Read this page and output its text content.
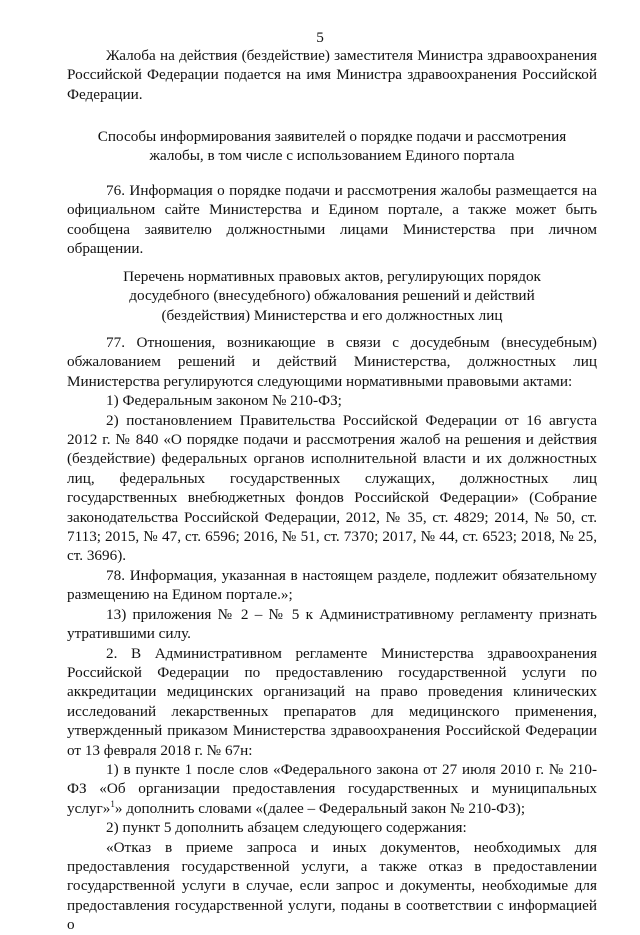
5

Жалоба на действия (бездействие) заместителя Министра здравоохранения Российской Федерации подается на имя Министра здравоохранения Российской Федерации.

Способы информирования заявителей о порядке подачи и рассмотрения жалобы, в том числе с использованием Единого портала

76. Информация о порядке подачи и рассмотрения жалобы размещается на официальном сайте Министерства и Едином портале, а также может быть сообщена заявителю должностными лицами Министерства при личном обращении.

Перечень нормативных правовых актов, регулирующих порядок досудебного (внесудебного) обжалования решений и действий (бездействия) Министерства и его должностных лиц

77. Отношения, возникающие в связи с досудебным (внесудебным) обжалованием решений и действий Министерства, должностных лиц Министерства регулируются следующими нормативными правовыми актами:

1) Федеральным законом № 210-ФЗ;

2) постановлением Правительства Российской Федерации от 16 августа 2012 г. № 840 «О порядке подачи и рассмотрения жалоб на решения и действия (бездействие) федеральных органов исполнительной власти и их должностных лиц, федеральных государственных служащих, должностных лиц государственных внебюджетных фондов Российской Федерации» (Собрание законодательства Российской Федерации, 2012, № 35, ст. 4829; 2014, № 50, ст. 7113; 2015, № 47, ст. 6596; 2016, № 51, ст. 7370; 2017, № 44, ст. 6523; 2018, № 25, ст. 3696).

78. Информация, указанная в настоящем разделе, подлежит обязательному размещению на Едином портале.»;

13) приложения № 2 – № 5 к Административному регламенту признать утратившими силу.

2. В Административном регламенте Министерства здравоохранения Российской Федерации по предоставлению государственной услуги по аккредитации медицинских организаций на право проведения клинических исследований лекарственных препаратов для медицинского применения, утвержденный приказом Министерства здравоохранения Российской Федерации

от 13 февраля 2018 г. № 67н:

1) в пункте 1 после слов «Федерального закона от 27 июля 2010 г. № 210-ФЗ «Об организации предоставления государственных и муниципальных услуг»$^1$» дополнить словами «(далее – Федеральный закон № 210-ФЗ);

2) пункт 5 дополнить абзацем следующего содержания:

«Отказ в приеме запроса и иных документов, необходимых для предоставления государственной услуги, а также отказ в предоставлении государственной услуги в случае, если запрос и документы, необходимые для предоставления государственной услуги, поданы в соответствии с информацией о
